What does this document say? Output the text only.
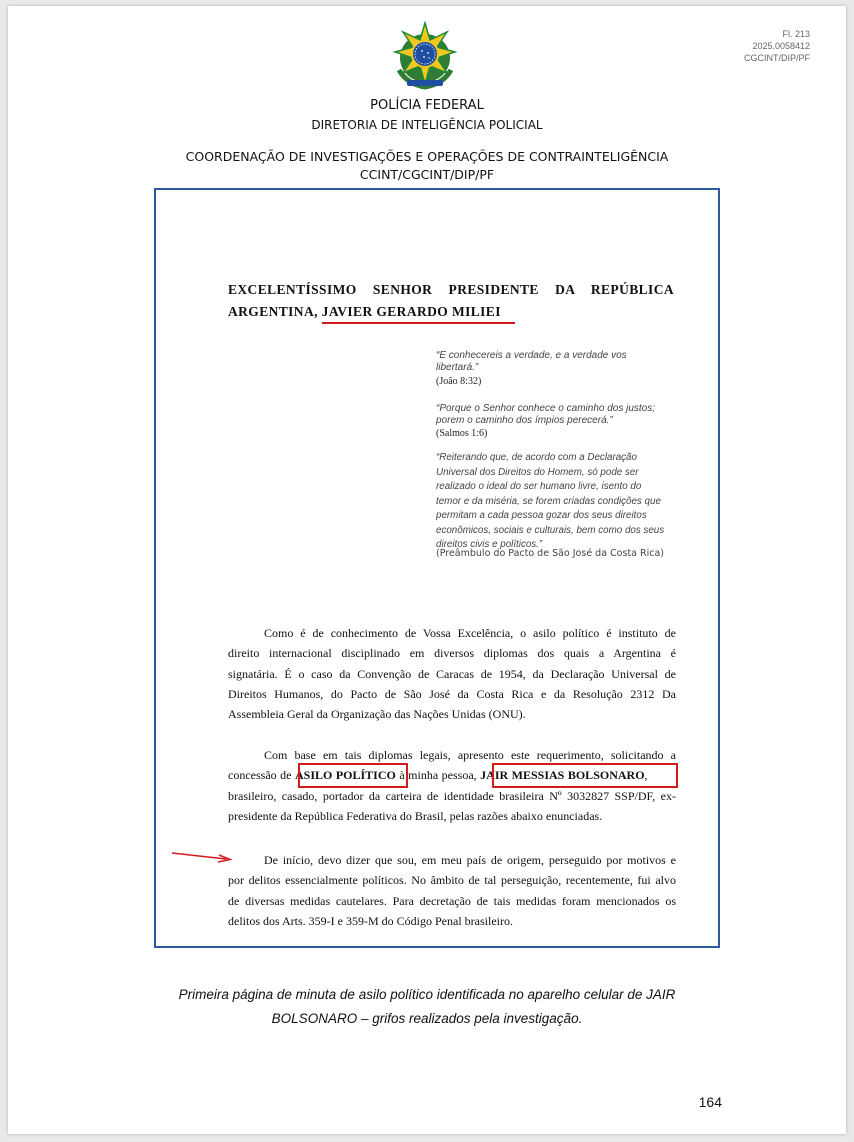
Fl. 213
2025.0058412
CGCINT/DIP/PF
POLÍCIA FEDERAL
DIRETORIA DE INTELIGÊNCIA POLICIAL
COORDENAÇÃO DE INVESTIGAÇÕES E OPERAÇÕES DE CONTRAINTELIGÊNCIA
CCINT/CGCINT/DIP/PF
EXCELENTÍSSIMO SENHOR PRESIDENTE DA REPÚBLICA
ARGENTINA, JAVIER GERARDO MILIEI
“E conhecereis a verdade, e a verdade vos
libertará.”
(João 8:32)
“Porque o Senhor conhece o caminho dos justos;
porem o caminho dos ímpios perecerá.”
(Salmos 1:6)
“Reiterando que, de acordo com a Declaração
Universal dos Direitos do Homem, só pode ser
realizado o ideal do ser humano livre, isento do
temor e da miséria, se forem criadas condições que
permitam a cada pessoa gozar dos seus direitos
econômicos, sociais e culturais, bem como dos seus
direitos civis e políticos.”
(Preâmbulo do Pacto de São José da Costa Rica)
Como é de conhecimento de Vossa Excelência, o asilo político é instituto de
direito internacional disciplinado em diversos diplomas dos quais a Argentina é
signatária. É o caso da Convenção de Caracas de 1954, da Declaração Universal de
Direitos Humanos, do Pacto de São José da Costa Rica e da Resolução 2312 Da
Assembleia Geral da Organização das Nações Unidas (ONU).
Com base em tais diplomas legais, apresento este requerimento, solicitando a
concessão de ASILO POLÍTICO à minha pessoa, JAIR MESSIAS BOLSONARO,
brasileiro, casado, portador da carteira de identidade brasileira Nº 3032827 SSP/DF, ex-
presidente da República Federativa do Brasil, pelas razões abaixo enunciadas.
De início, devo dizer que sou, em meu país de origem, perseguido por motivos e
por delitos essencialmente políticos. No âmbito de tal perseguição, recentemente, fui alvo
de diversas medidas cautelares. Para decretação de tais medidas foram mencionados os
delitos dos Arts. 359-I e 359-M do Código Penal brasileiro.
Primeira página de minuta de asilo político identificada no aparelho celular de JAIR
BOLSONARO – grifos realizados pela investigação.
164
